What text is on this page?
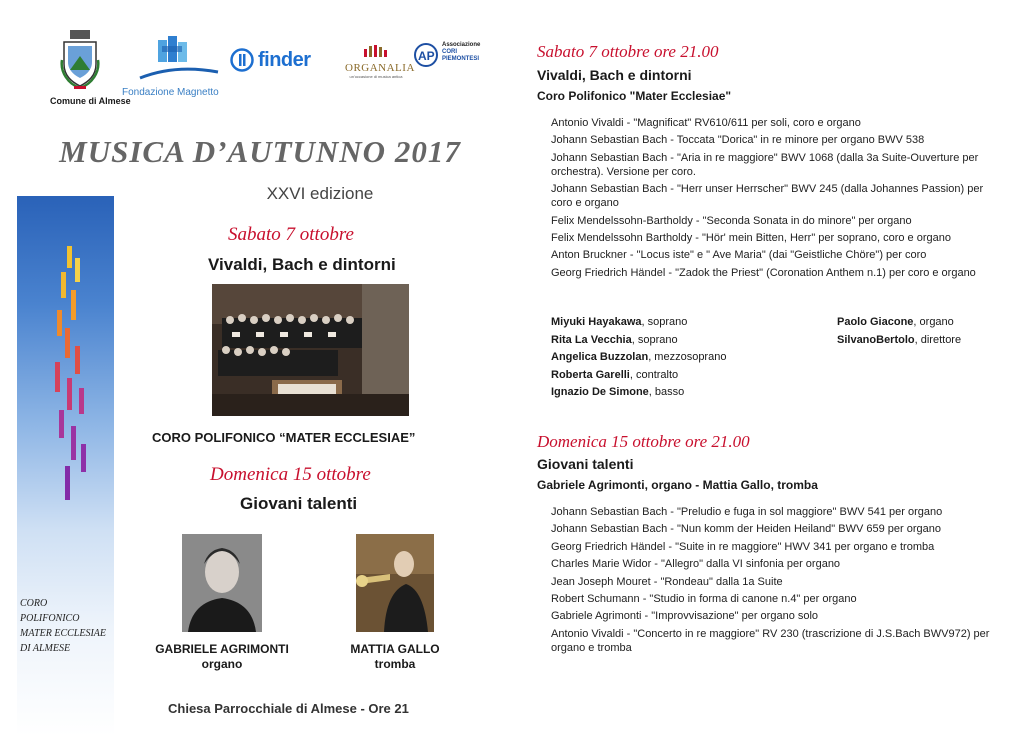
Comune di Almese
Fondazione Magnetto
finder	ORGANALIA
un'occasione di musica antica
AP
Associazione
CORI
PIEMONTESI
MUSICA D’AUTUNNO 2017
XXVI edizione
CORO
POLIFONICO
MATER ECCLESIAE
DI ALMESE
Sabato 7 ottobre
Vivaldi, Bach e dintorni
CORO POLIFONICO “MATER ECCLESIAE”
Domenica 15 ottobre
Giovani talenti
GABRIELE AGRIMONTI
organo
MATTIA GALLO
tromba
Chiesa Parrocchiale di Almese - Ore 21
Sabato 7 ottobre ore 21.00
Vivaldi, Bach e dintorni
Coro Polifonico "Mater Ecclesiae"
Antonio Vivaldi - "Magnificat" RV610/611 per soli, coro e organo
Johann Sebastian Bach - Toccata "Dorica" in re minore per organo BWV 538
Johann Sebastian Bach - "Aria in re maggiore" BWV 1068 (dalla 3a Suite-Ouverture per orchestra). Versione per coro.
Johann Sebastian Bach - "Herr unser Herrscher" BWV 245 (dalla Johannes Passion) per coro e organo
Felix Mendelssohn-Bartholdy - "Seconda Sonata in do minore" per organo
Felix Mendelssohn Bartholdy - "Hör' mein Bitten, Herr" per soprano, coro e organo
Anton Bruckner - "Locus iste" e " Ave Maria" (dai "Geistliche Chöre") per coro
Georg Friedrich Händel - "Zadok the Priest" (Coronation Anthem n.1) per coro e organo
Miyuki Hayakawa, soprano
Rita La Vecchia, soprano
Angelica Buzzolan, mezzosoprano
Roberta Garelli, contralto
Ignazio De Simone, basso
Paolo Giacone, organo
SilvanoBertolo, direttore
Domenica 15 ottobre ore 21.00
Giovani talenti
Gabriele Agrimonti, organo - Mattia Gallo, tromba
Johann Sebastian Bach - "Preludio e fuga in sol maggiore" BWV 541 per organo
Johann Sebastian Bach - "Nun komm der Heiden Heiland" BWV 659 per organo
Georg Friedrich Händel - "Suite in re maggiore" HWV 341 per organo e tromba
Charles Marie Widor - "Allegro" dalla VI sinfonia per organo
Jean Joseph Mouret - "Rondeau" dalla 1a Suite
Robert Schumann - "Studio in forma di canone n.4" per organo
Gabriele Agrimonti - "Improvvisazione" per organo solo
Antonio Vivaldi - "Concerto in re maggiore" RV 230 (trascrizione di J.S.Bach BWV972) per organo e tromba
